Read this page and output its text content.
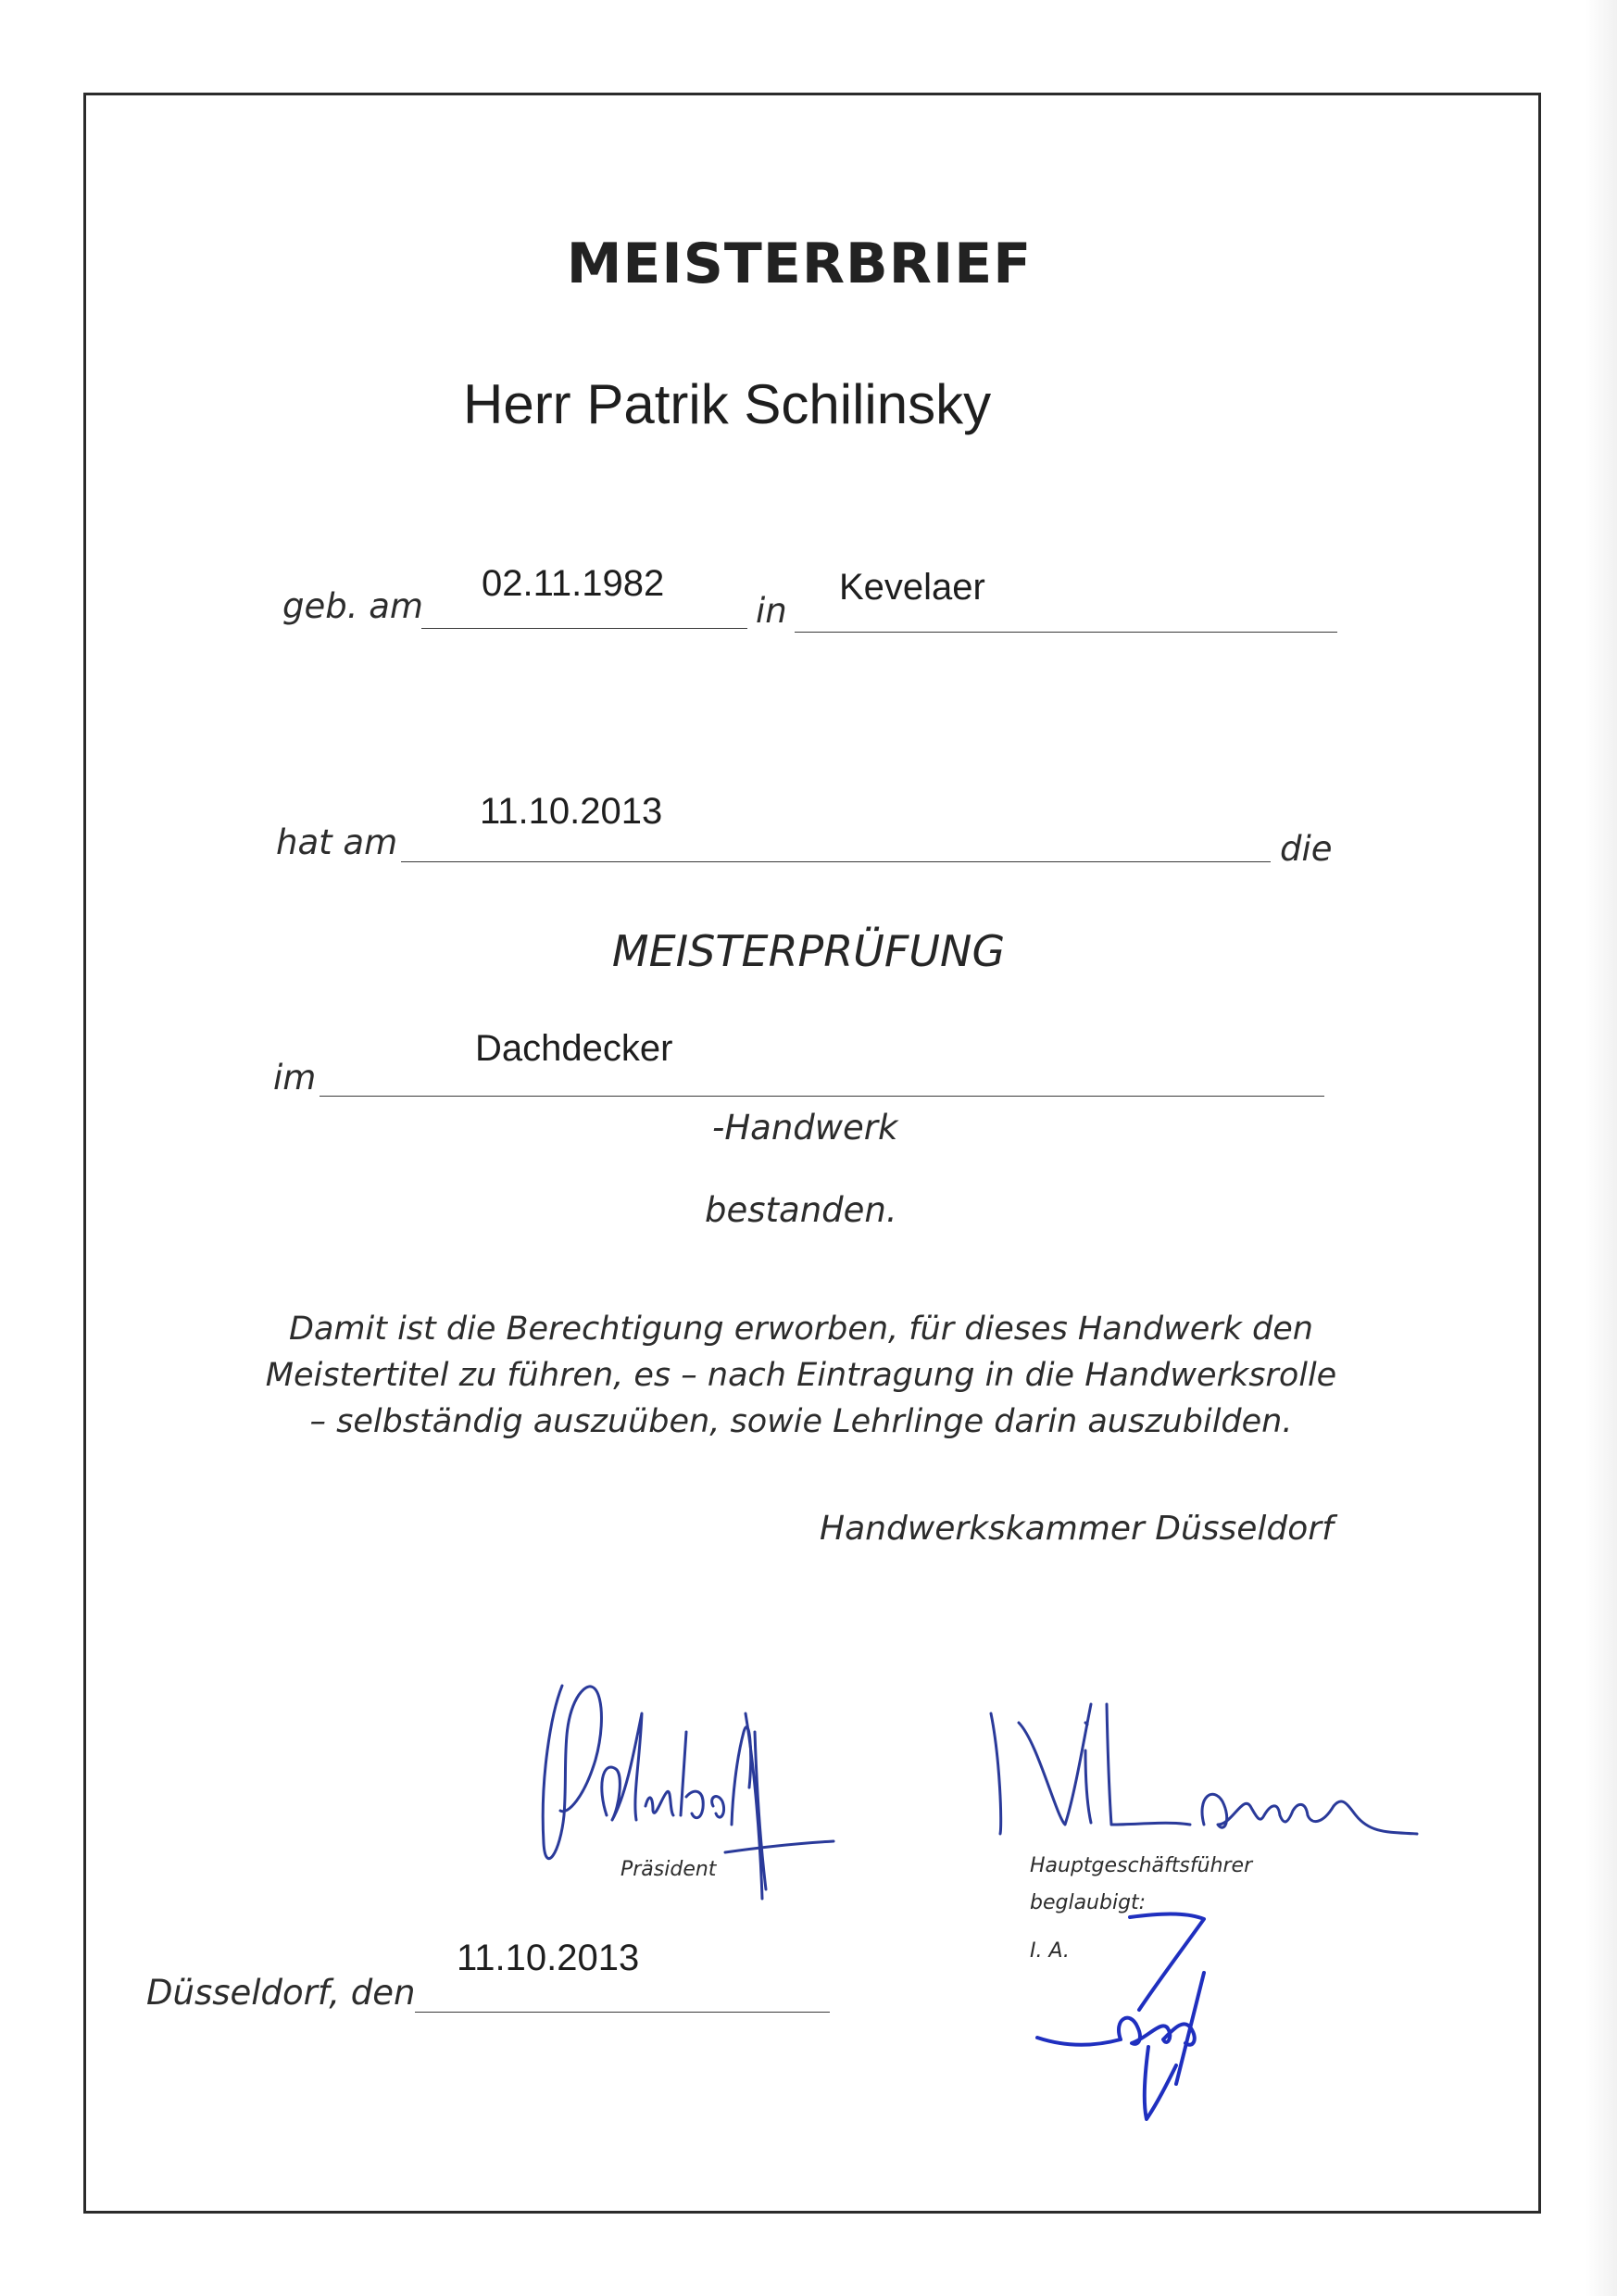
MEISTERBRIEF
Herr Patrik Schilinsky
geb. am
02.11.1982
in
Kevelaer
hat am
11.10.2013
die
MEISTERPRÜFUNG
im
Dachdecker
-Handwerk
bestanden.
Damit ist die Berechtigung erworben, für dieses Handwerk den
Meistertitel zu führen, es – nach Eintragung in die Handwerksrolle
– selbständig auszuüben, sowie Lehrlinge darin auszubilden.
Handwerkskammer Düsseldorf
Präsident	Hauptgeschäftsführer
beglaubigt:
I. A.
Düsseldorf, den
11.10.2013
